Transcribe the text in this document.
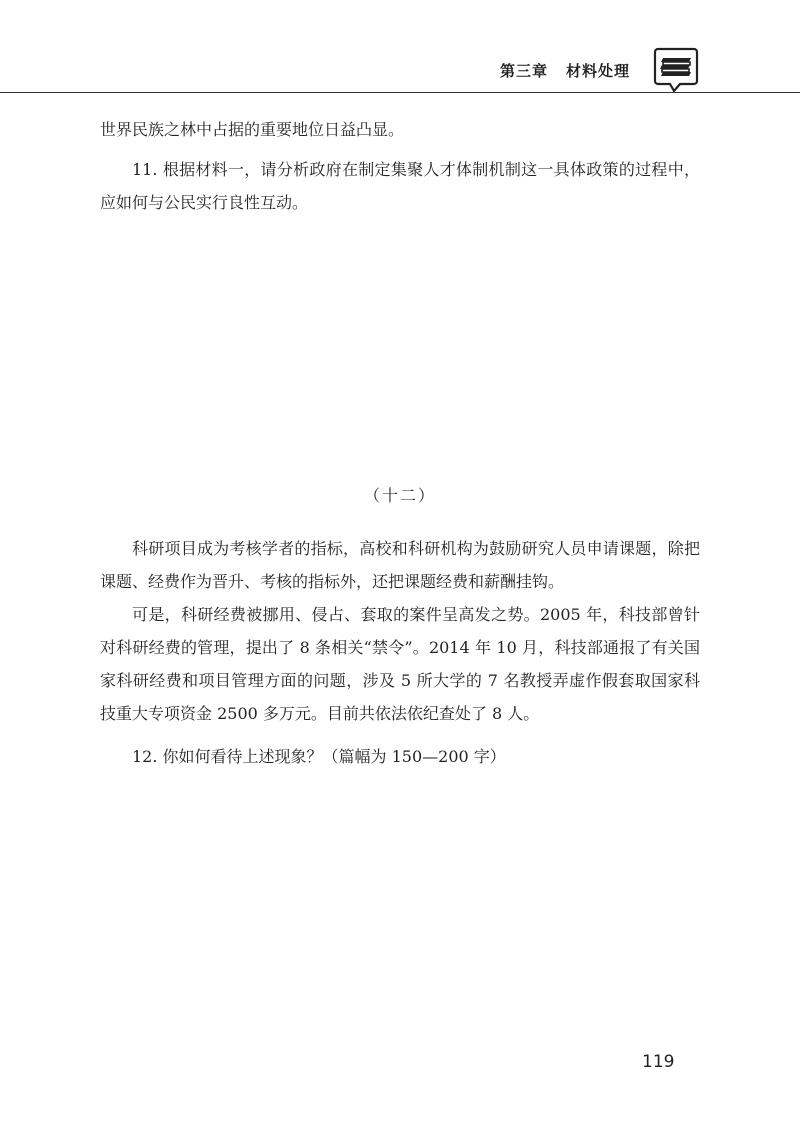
第三章 材料处理

世界民族之林中占据的重要地位日益凸显。

11. 根据材料一，请分析政府在制定集聚人才体制机制这一具体政策的过程中，应如何与公民实行良性互动。

（十二）

科研项目成为考核学者的指标，高校和科研机构为鼓励研究人员申请课题，除把课题、经费作为晋升、考核的指标外，还把课题经费和薪酬挂钩。

可是，科研经费被挪用、侵占、套取的案件呈高发之势。2005 年，科技部曾针对科研经费的管理，提出了 8 条相关“禁令”。2014 年 10 月，科技部通报了有关国家科研经费和项目管理方面的问题，涉及 5 所大学的 7 名教授弄虚作假套取国家科技重大专项资金 2500 多万元。目前共依法依纪查处了 8 人。

12. 你如何看待上述现象？（篇幅为 150—200 字）

119
